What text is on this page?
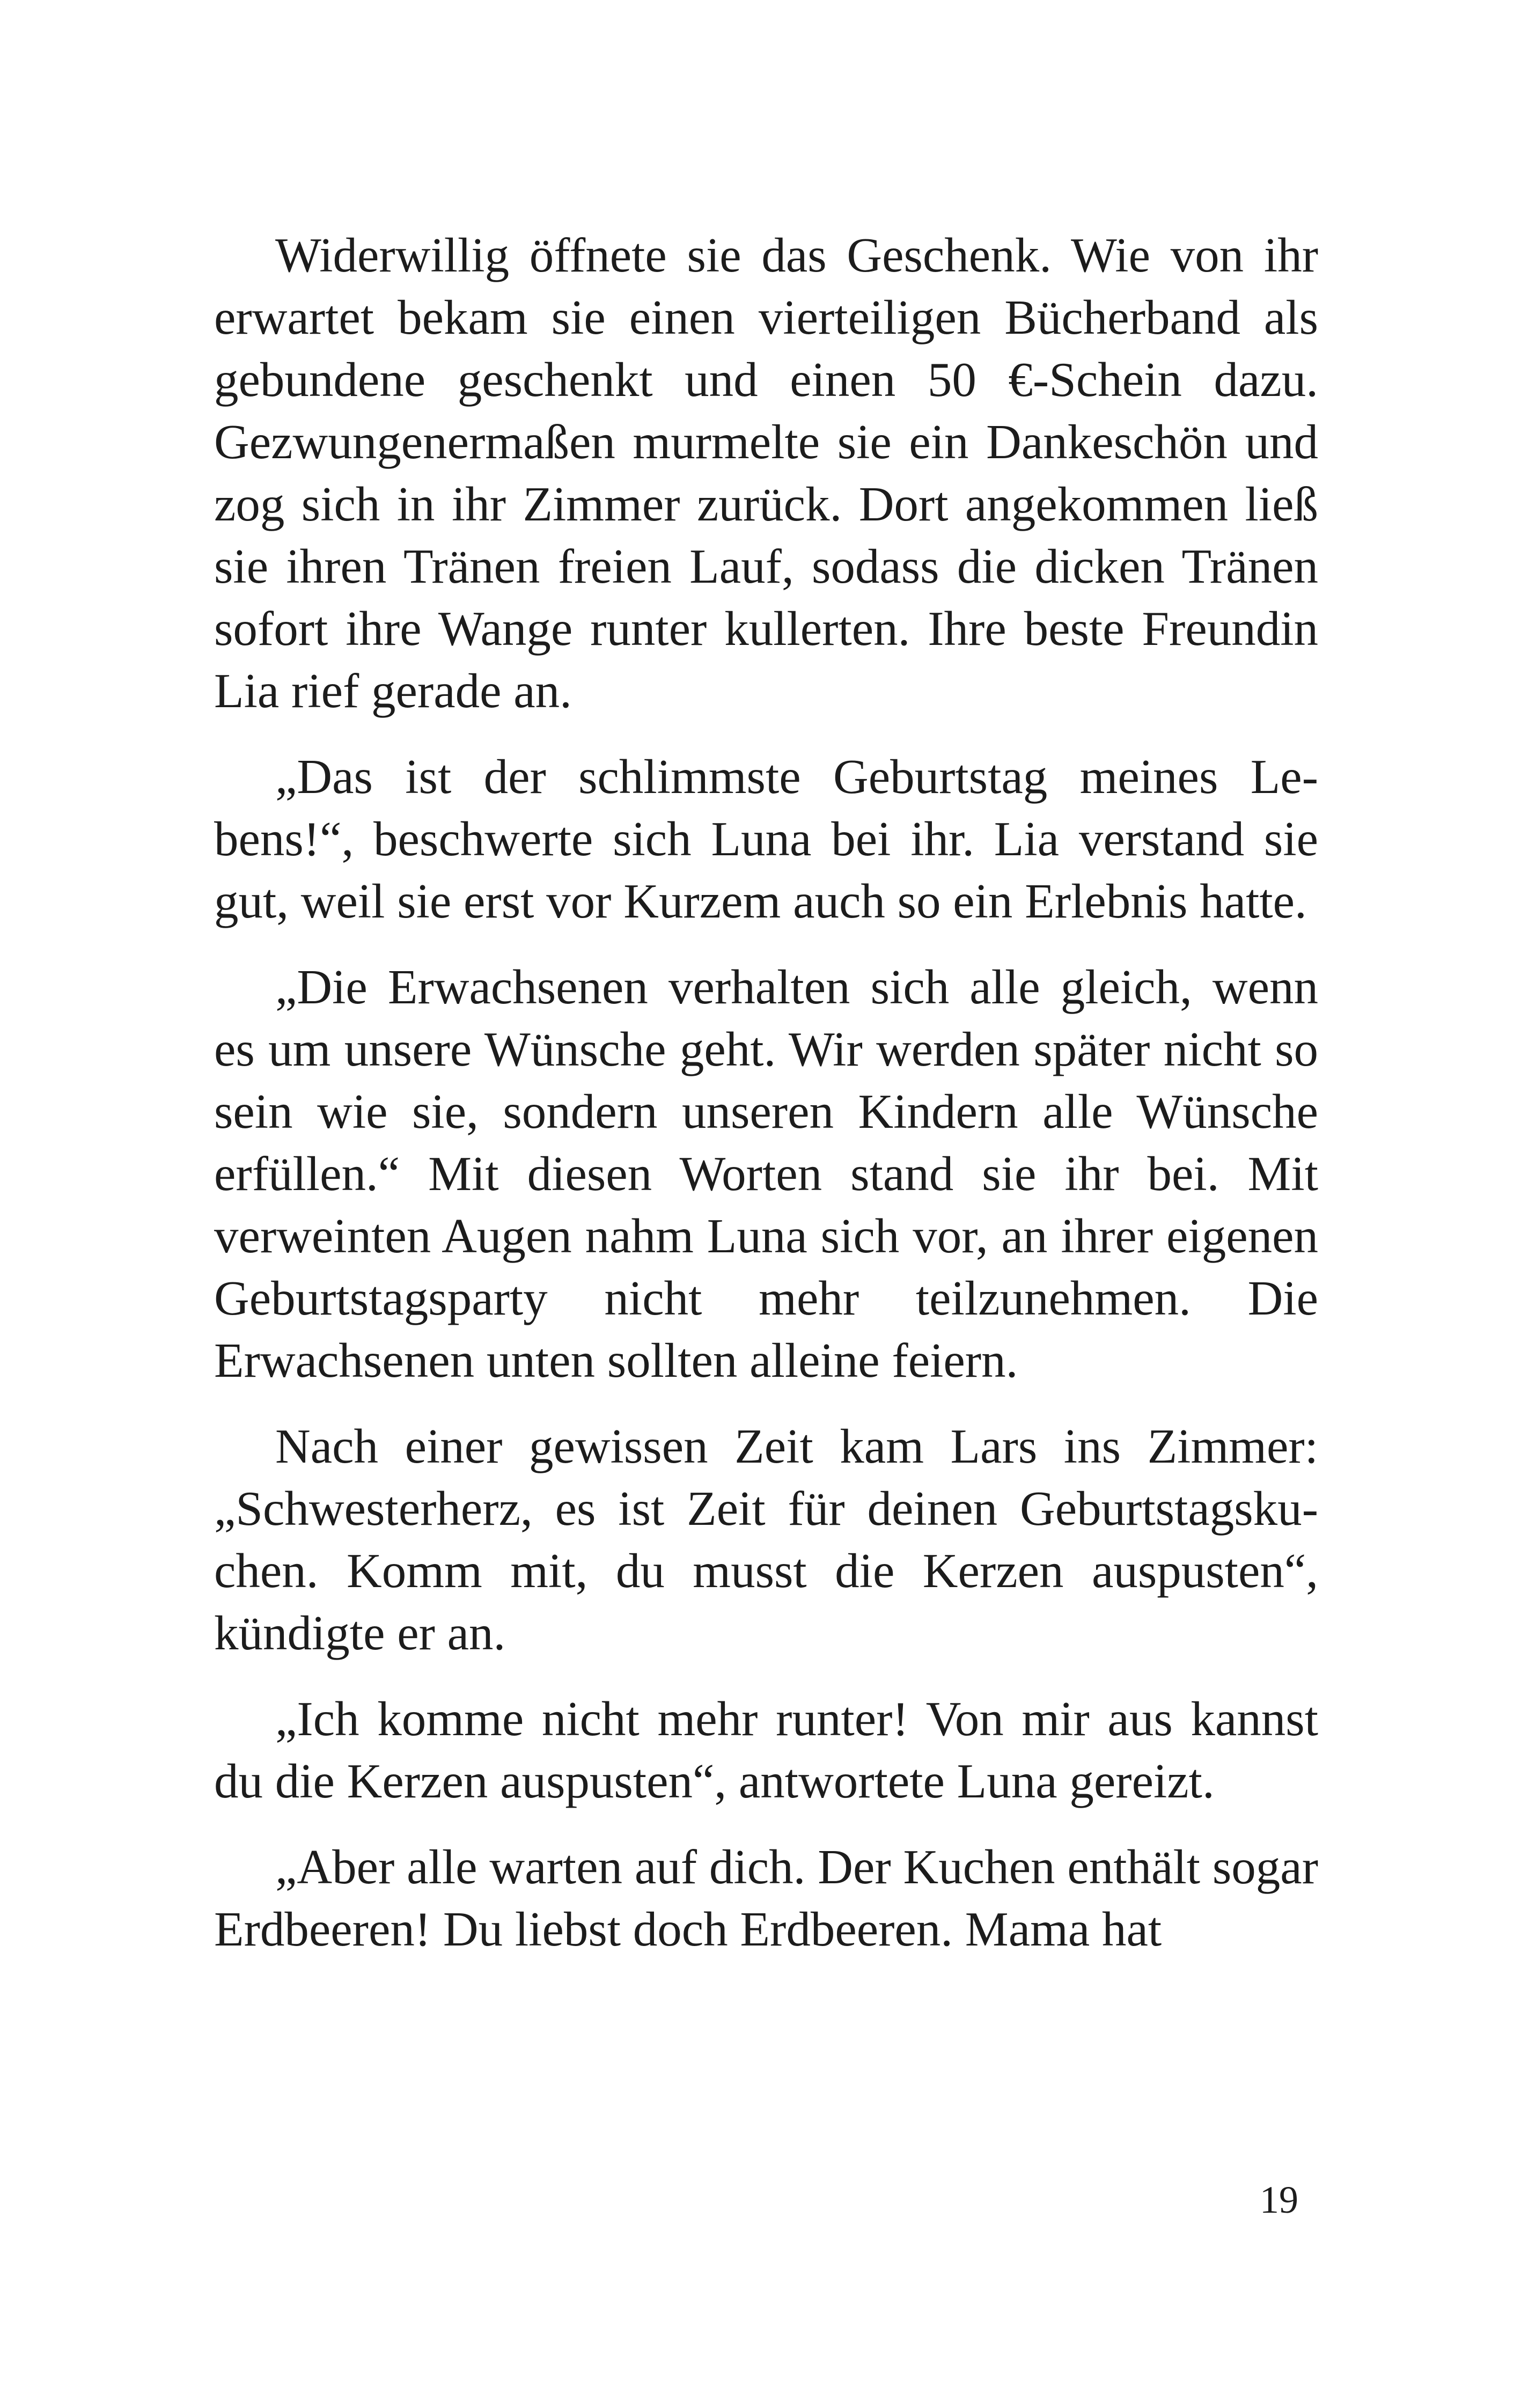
Widerwillig öffnete sie das Geschenk. Wie von ihr erwartet bekam sie einen vierteiligen Bücherband als gebundene geschenkt und einen 50 €-Schein dazu. Gezwungenermaßen murmelte sie ein Dankeschön und zog sich in ihr Zimmer zurück. Dort angekommen ließ sie ihren Tränen freien Lauf, sodass die dicken Tränen sofort ihre Wange runter kullerten. Ihre beste Freundin Lia rief gerade an.

„Das ist der schlimmste Geburtstag meines Lebens!“, beschwerte sich Luna bei ihr. Lia verstand sie gut, weil sie erst vor Kurzem auch so ein Erlebnis hatte.

„Die Erwachsenen verhalten sich alle gleich, wenn es um unsere Wünsche geht. Wir werden später nicht so sein wie sie, sondern unseren Kindern alle Wünsche erfüllen.“ Mit diesen Worten stand sie ihr bei. Mit verweinten Augen nahm Luna sich vor, an ihrer eigenen Geburtstagsparty nicht mehr teilzunehmen. Die Erwachsenen unten sollten alleine feiern.

Nach einer gewissen Zeit kam Lars ins Zimmer: „Schwesterherz, es ist Zeit für deinen Geburtstagskuchen. Komm mit, du musst die Kerzen auspusten“, kündigte er an.

„Ich komme nicht mehr runter! Von mir aus kannst du die Kerzen auspusten“, antwortete Luna gereizt.

„Aber alle warten auf dich. Der Kuchen enthält sogar Erdbeeren! Du liebst doch Erdbeeren. Mama hat

19
